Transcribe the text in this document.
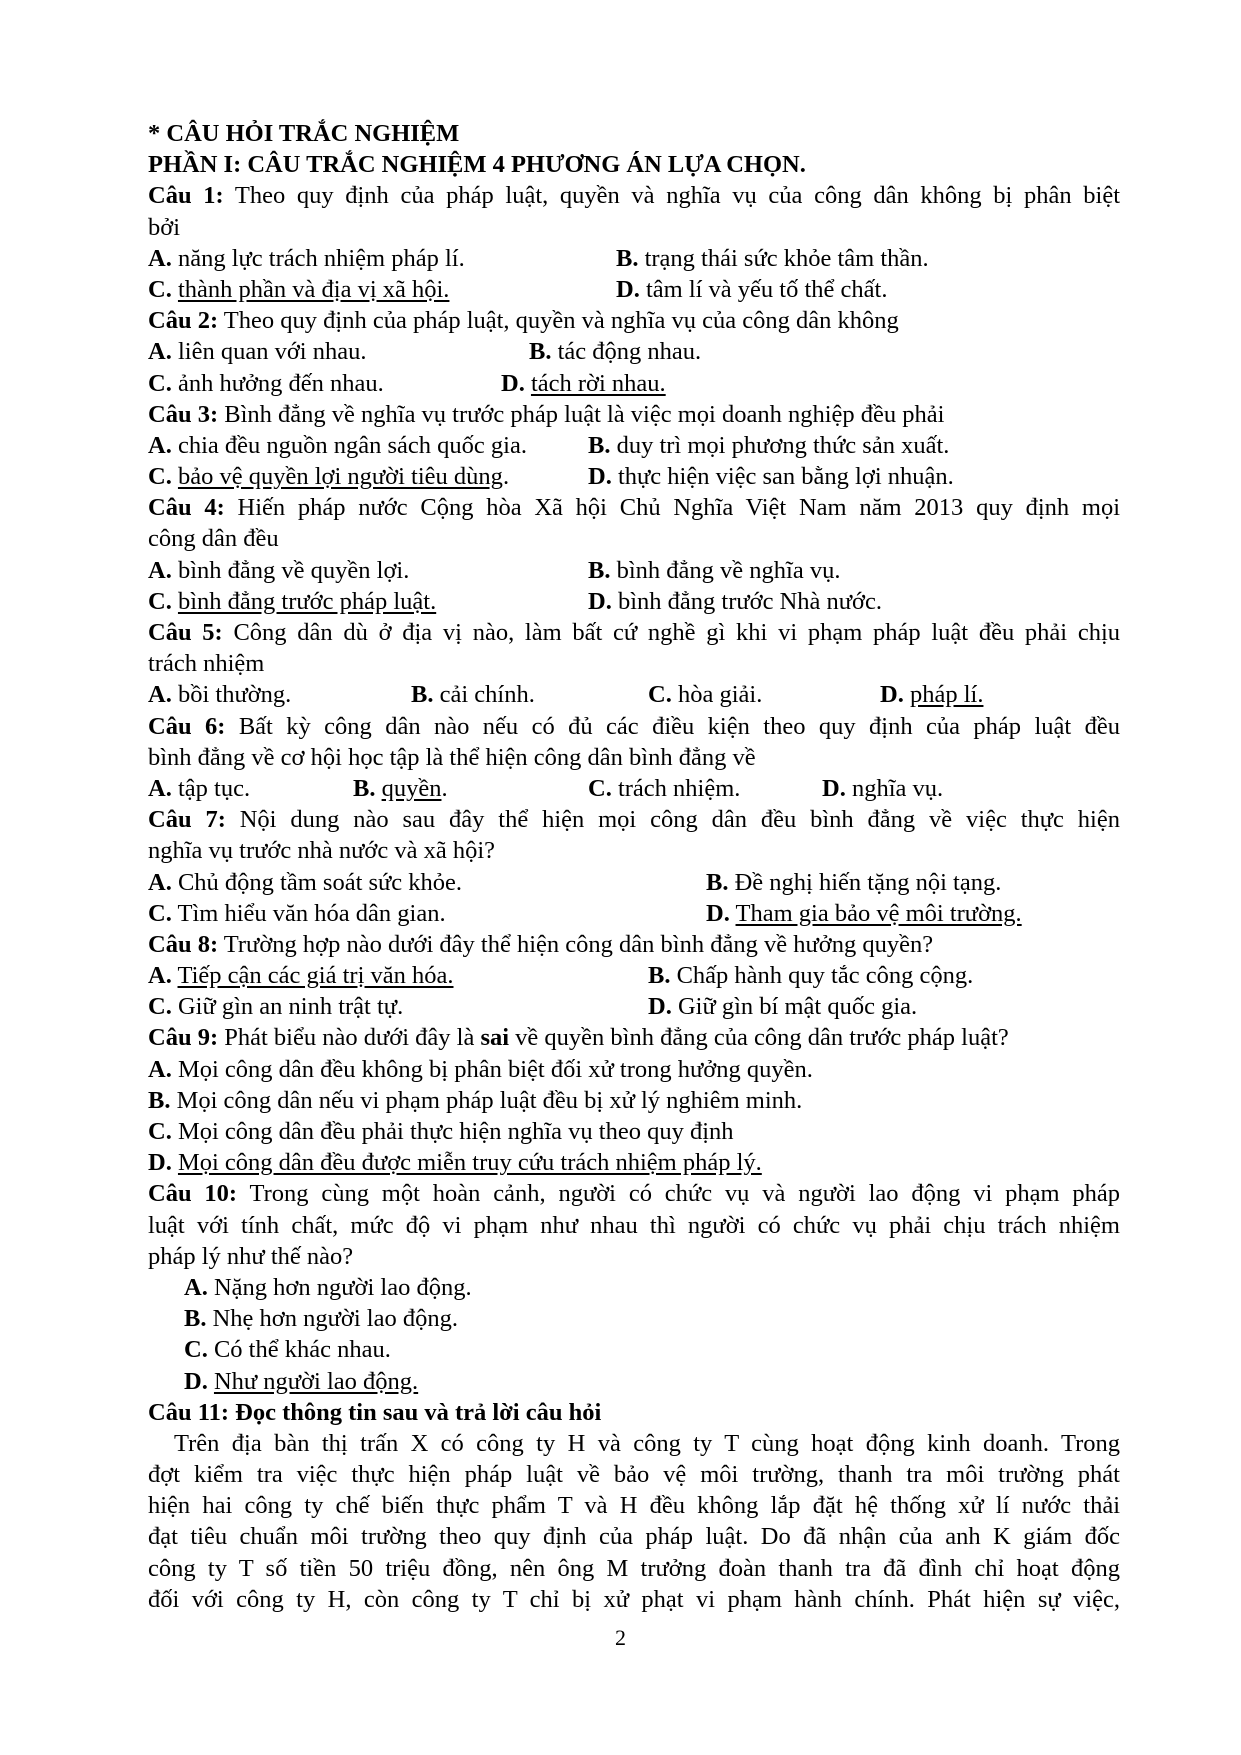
* CÂU HỎI TRẮC NGHIỆM
PHẦN I: CÂU TRẮC NGHIỆM 4 PHƯƠNG ÁN LỰA CHỌN.
Câu 1: Theo quy định của pháp luật, quyền và nghĩa vụ của công dân không bị phân biệt
bởi
A. năng lực trách nhiệm pháp lí.	B. trạng thái sức khỏe tâm thần.
C. thành phần và địa vị xã hội.	D. tâm lí và yếu tố thể chất.
Câu 2: Theo quy định của pháp luật, quyền và nghĩa vụ của công dân không
A. liên quan với nhau.	B. tác động nhau.
C. ảnh hưởng đến nhau.	D. tách rời nhau.
Câu 3: Bình đẳng về nghĩa vụ trước pháp luật là việc mọi doanh nghiệp đều phải
A. chia đều nguồn ngân sách quốc gia. B. duy trì mọi phương thức sản xuất.
C. bảo vệ quyền lợi người tiêu dùng.	D. thực hiện việc san bằng lợi nhuận.
Câu 4: Hiến pháp nước Cộng hòa Xã hội Chủ Nghĩa Việt Nam năm 2013 quy định mọi
công dân đều
A. bình đẳng về quyền lợi.	B. bình đẳng về nghĩa vụ.
C. bình đẳng trước pháp luật.	D. bình đẳng trước Nhà nước.
Câu 5: Công dân dù ở địa vị nào, làm bất cứ nghề gì khi vi phạm pháp luật đều phải chịu
trách nhiệm
A. bồi thường.	B. cải chính.	C. hòa giải.	D. pháp lí.
Câu 6: Bất kỳ công dân nào nếu có đủ các điều kiện theo quy định của pháp luật đều
bình đẳng về cơ hội học tập là thể hiện công dân bình đẳng về
A. tập tục.	B. quyền.	C. trách nhiệm.	D. nghĩa vụ.
Câu 7: Nội dung nào sau đây thể hiện mọi công dân đều bình đẳng về việc thực hiện
nghĩa vụ trước nhà nước và xã hội?
A. Chủ động tầm soát sức khỏe.	B. Đề nghị hiến tặng nội tạng.
C. Tìm hiểu văn hóa dân gian.	D. Tham gia bảo vệ môi trường.
Câu 8: Trường hợp nào dưới đây thể hiện công dân bình đẳng về hưởng quyền?
A. Tiếp cận các giá trị văn hóa.	B. Chấp hành quy tắc công cộng.
C. Giữ gìn an ninh trật tự.	D. Giữ gìn bí mật quốc gia.
Câu 9: Phát biểu nào dưới đây là sai về quyền bình đẳng của công dân trước pháp luật?
A. Mọi công dân đều không bị phân biệt đối xử trong hưởng quyền.
B. Mọi công dân nếu vi phạm pháp luật đều bị xử lý nghiêm minh.
C. Mọi công dân đều phải thực hiện nghĩa vụ theo quy định
D. Mọi công dân đều được miễn truy cứu trách nhiệm pháp lý.
Câu 10: Trong cùng một hoàn cảnh, người có chức vụ và người lao động vi phạm pháp
luật với tính chất, mức độ vi phạm như nhau thì người có chức vụ phải chịu trách nhiệm
pháp lý như thế nào?
A. Nặng hơn người lao động.
B. Nhẹ hơn người lao động.
C. Có thể khác nhau.
D. Như người lao động.
Câu 11: Đọc thông tin sau và trả lời câu hỏi
Trên địa bàn thị trấn X có công ty H và công ty T cùng hoạt động kinh doanh. Trong
đợt kiểm tra việc thực hiện pháp luật về bảo vệ môi trường, thanh tra môi trường phát
hiện hai công ty chế biến thực phẩm T và H đều không lắp đặt hệ thống xử lí nước thải
đạt tiêu chuẩn môi trường theo quy định của pháp luật. Do đã nhận của anh K giám đốc
công ty T số tiền 50 triệu đồng, nên ông M trưởng đoàn thanh tra đã đình chỉ hoạt động
đối với công ty H, còn công ty T chỉ bị xử phạt vi phạm hành chính. Phát hiện sự việc,
2
